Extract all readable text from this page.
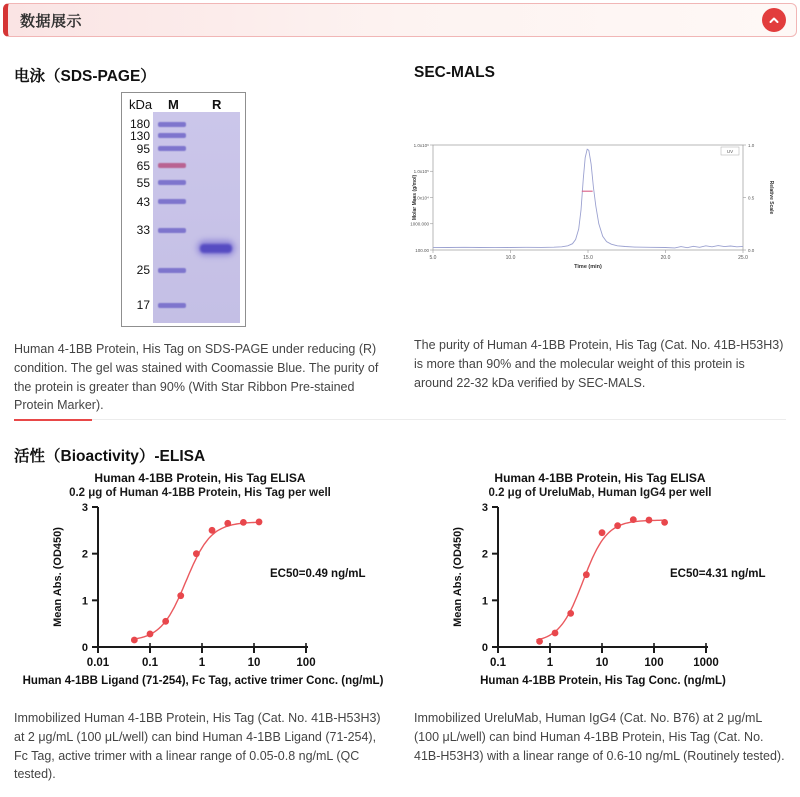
数据展示
电泳（SDS-PAGE）
kDa M	R
180
130
95
65
55
43
33
25
17

Human 4-1BB Protein, His Tag on SDS-PAGE under reducing (R) condition. The gel was stained with Coomassie Blue. The purity of the protein is greater than 90% (With Star Ribbon Pre-stained Protein Marker).

SEC-MALS
1.0x10⁶
1.0x10⁵
1.0x10⁴
1000.000
100.00
1.0
0.5
0.0
5.0	10.0	15.0	20.0	25.0
Time (min)
Molar Mass (g/mol)	Relative Scale
UV

The purity of Human 4-1BB Protein, His Tag (Cat. No. 41B-H53H3) is more than 90% and the molecular weight of this protein is around 22-32 kDa verified by SEC-MALS.

活性（Bioactivity）-ELISA
Human 4-1BB Protein, His Tag ELISA
0.2 μg of Human 4-1BB Protein, His Tag per well
0
1
2
3
0.01	0.1	1	10	100
EC50=0.49 ng/mL
Mean Abs. (OD450)
Human 4-1BB Ligand (71-254), Fc Tag, active trimer Conc. (ng/mL)

Immobilized Human 4-1BB Protein, His Tag (Cat. No. 41B-H53H3) at 2 μg/mL (100 μL/well) can bind Human 4-1BB Ligand (71-254), Fc Tag, active trimer with a linear range of 0.05-0.8 ng/mL (QC tested).

Human 4-1BB Protein, His Tag ELISA
0.2 μg of UreluMab, Human IgG4 per well
0
1
2
3
0.1	1	10	100	1000
EC50=4.31 ng/mL
Mean Abs. (OD450)
Human 4-1BB Protein, His Tag Conc. (ng/mL)

Immobilized UreluMab, Human IgG4 (Cat. No. B76) at 2 μg/mL (100 μL/well) can bind Human 4-1BB Protein, His Tag (Cat. No. 41B-H53H3) with a linear range of 0.6-10 ng/mL (Routinely tested).
